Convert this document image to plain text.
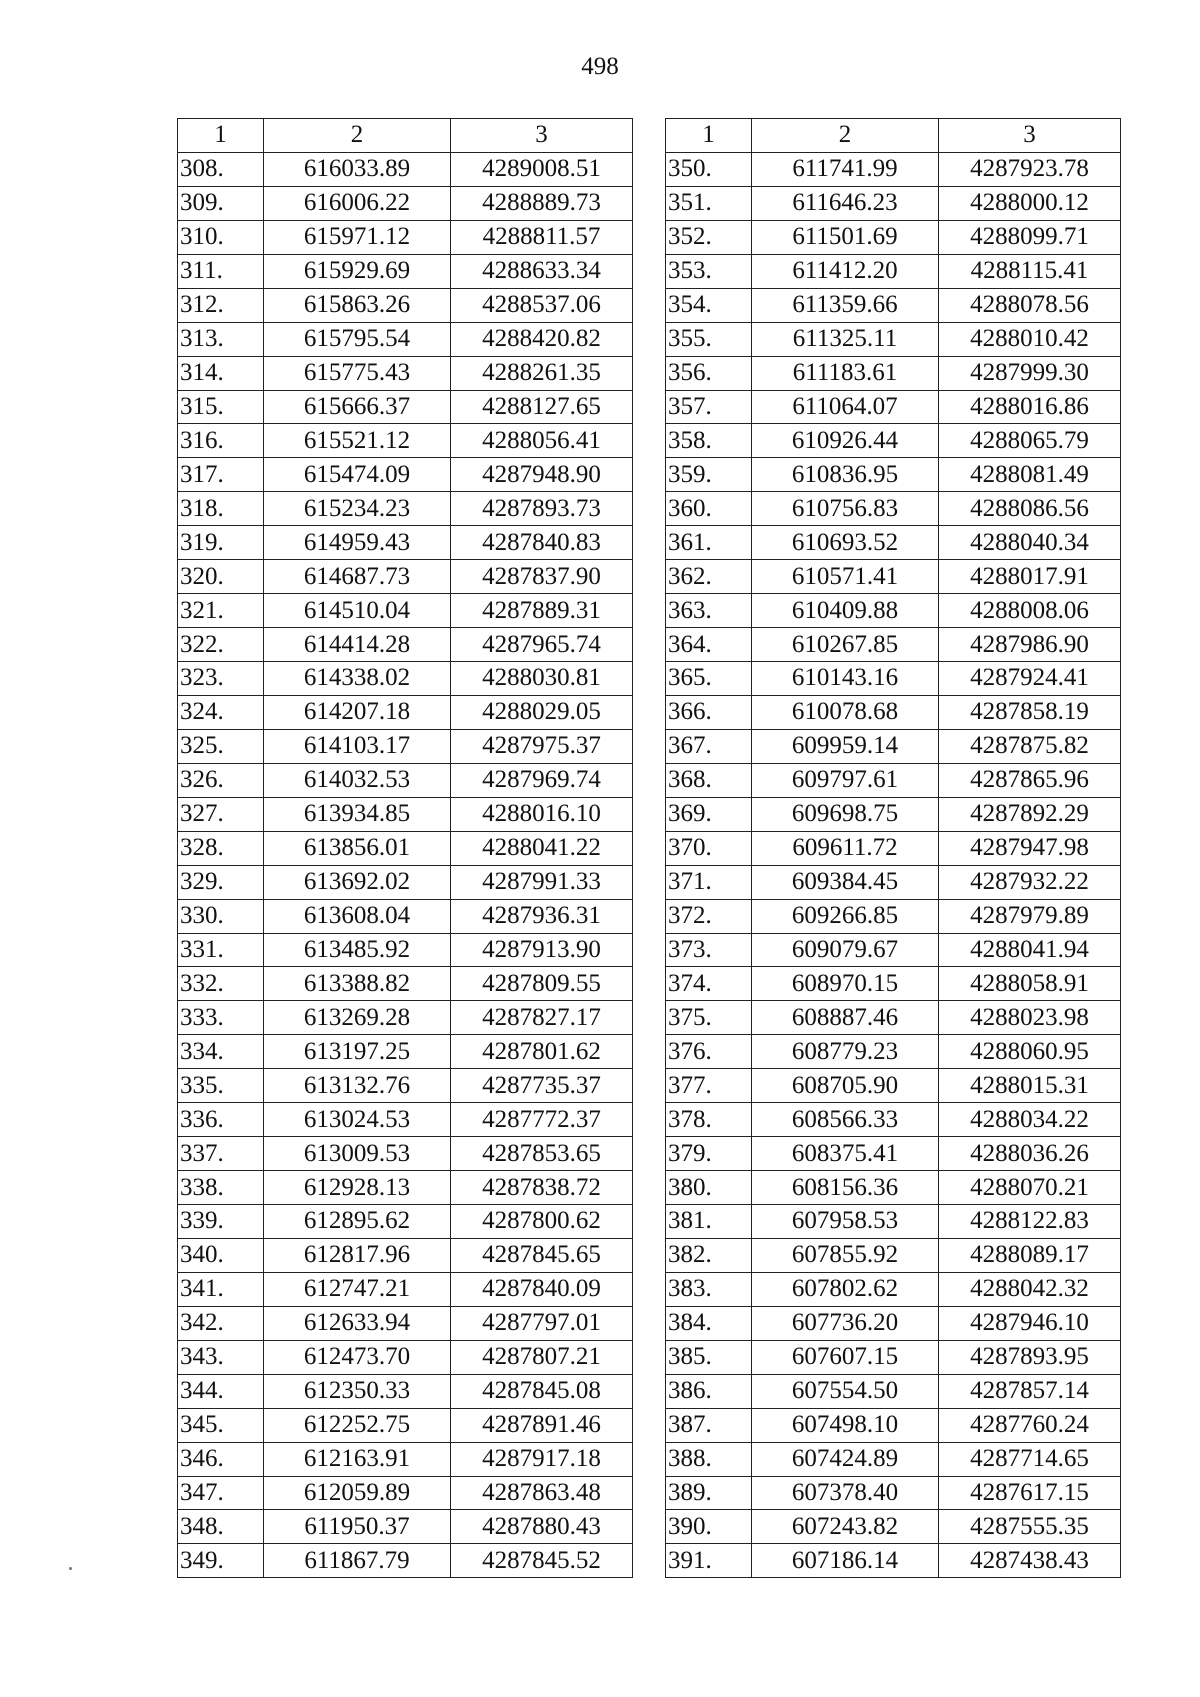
498
1	2	3
308.	616033.89	4289008.51
309.	616006.22	4288889.73
310.	615971.12	4288811.57
311.	615929.69	4288633.34
312.	615863.26	4288537.06
313.	615795.54	4288420.82
314.	615775.43	4288261.35
315.	615666.37	4288127.65
316.	615521.12	4288056.41
317.	615474.09	4287948.90
318.	615234.23	4287893.73
319.	614959.43	4287840.83
320.	614687.73	4287837.90
321.	614510.04	4287889.31
322.	614414.28	4287965.74
323.	614338.02	4288030.81
324.	614207.18	4288029.05
325.	614103.17	4287975.37
326.	614032.53	4287969.74
327.	613934.85	4288016.10
328.	613856.01	4288041.22
329.	613692.02	4287991.33
330.	613608.04	4287936.31
331.	613485.92	4287913.90
332.	613388.82	4287809.55
333.	613269.28	4287827.17
334.	613197.25	4287801.62
335.	613132.76	4287735.37
336.	613024.53	4287772.37
337.	613009.53	4287853.65
338.	612928.13	4287838.72
339.	612895.62	4287800.62
340.	612817.96	4287845.65
341.	612747.21	4287840.09
342.	612633.94	4287797.01
343.	612473.70	4287807.21
344.	612350.33	4287845.08
345.	612252.75	4287891.46
346.	612163.91	4287917.18
347.	612059.89	4287863.48
348.	611950.37	4287880.43
349.	611867.79	4287845.52
1	2	3
350.	611741.99	4287923.78
351.	611646.23	4288000.12
352.	611501.69	4288099.71
353.	611412.20	4288115.41
354.	611359.66	4288078.56
355.	611325.11	4288010.42
356.	611183.61	4287999.30
357.	611064.07	4288016.86
358.	610926.44	4288065.79
359.	610836.95	4288081.49
360.	610756.83	4288086.56
361.	610693.52	4288040.34
362.	610571.41	4288017.91
363.	610409.88	4288008.06
364.	610267.85	4287986.90
365.	610143.16	4287924.41
366.	610078.68	4287858.19
367.	609959.14	4287875.82
368.	609797.61	4287865.96
369.	609698.75	4287892.29
370.	609611.72	4287947.98
371.	609384.45	4287932.22
372.	609266.85	4287979.89
373.	609079.67	4288041.94
374.	608970.15	4288058.91
375.	608887.46	4288023.98
376.	608779.23	4288060.95
377.	608705.90	4288015.31
378.	608566.33	4288034.22
379.	608375.41	4288036.26
380.	608156.36	4288070.21
381.	607958.53	4288122.83
382.	607855.92	4288089.17
383.	607802.62	4288042.32
384.	607736.20	4287946.10
385.	607607.15	4287893.95
386.	607554.50	4287857.14
387.	607498.10	4287760.24
388.	607424.89	4287714.65
389.	607378.40	4287617.15
390.	607243.82	4287555.35
391.	607186.14	4287438.43
